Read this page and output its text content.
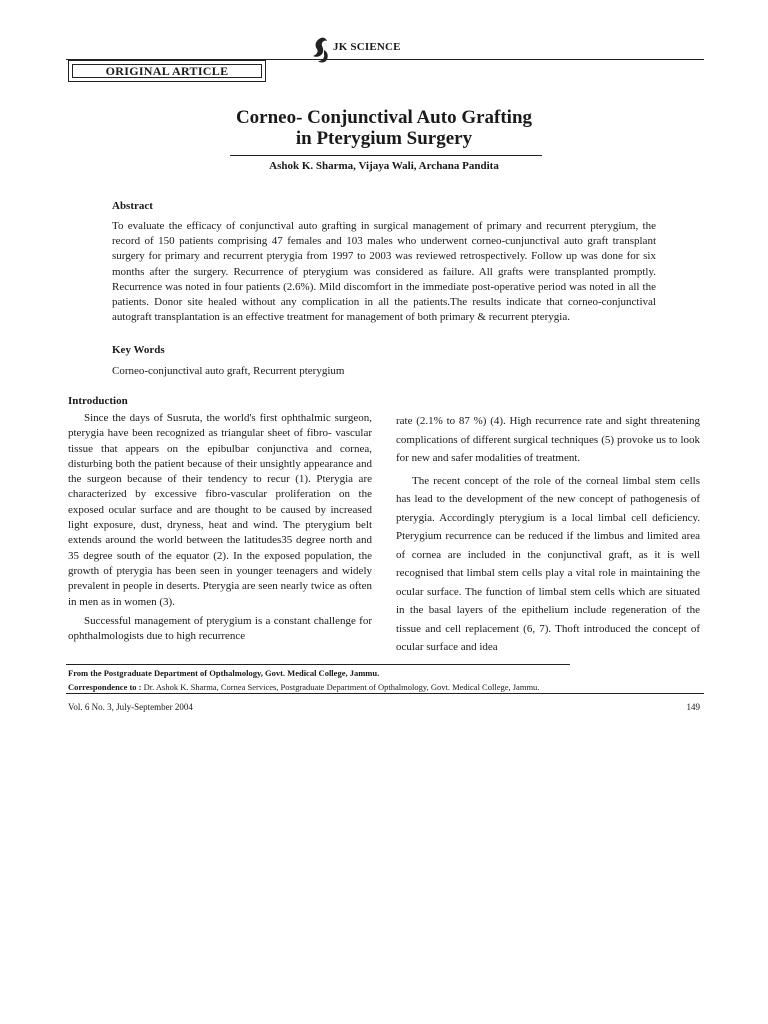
JK SCIENCE
ORIGINAL ARTICLE
Corneo- Conjunctival Auto Grafting
in Pterygium Surgery
Ashok K. Sharma, Vijaya Wali, Archana Pandita
Abstract
To evaluate the efficacy of conjunctival auto grafting in surgical management of primary and recurrent pterygium, the record of 150 patients comprising 47 females and 103 males who underwent corneo-cunjunctival auto graft transplant surgery for primary and recurrent pterygia from 1997 to 2003 was reviewed retrospectively. Follow up was done for six months after the surgery. Recurrence of pterygium was considered as failure. All grafts were transplanted promptly. Recurrence was noted in four patients (2.6%). Mild discomfort in the immediate post-operative period was noted in all the patients. Donor site healed without any complication in all the patients.The results indicate that corneo-conjunctival autograft transplantation is an effective treatment for management of both primary & recurrent pterygia.
Key Words
Corneo-conjunctival auto graft, Recurrent pterygium
Introduction

Since the days of Susruta, the world's first ophthalmic surgeon, pterygia have been recognized as triangular sheet of fibro- vascular tissue that appears on the epibulbar conjunctiva and cornea, disturbing both the patient because of their unsightly appearance and the surgeon because of their tendency to recur (1). Pterygia are characterized by excessive fibro-vascular proliferation on the exposed ocular surface and are thought to be caused by increased light exposure, dust, dryness, heat and wind. The pterygium belt extends around the world between the latitudes35 degree north and 35 degree south of the equator (2). In the exposed population, the growth of pterygia has been seen in younger teenagers and widely prevalent in people in deserts. Pterygia are seen nearly twice as often in men as in women (3).

Successful management of pterygium is a constant challenge for ophthalmologists due to high recurrence

rate (2.1% to 87 %) (4). High recurrence rate and sight threatening complications of different surgical techniques (5) provoke us to look for new and safer modalities of treatment.

The recent concept of the role of the corneal limbal stem cells has lead to the development of the new concept of pathogenesis of pterygia. Accordingly pterygium is a local limbal cell deficiency. Pterygium recurrence can be reduced if the limbus and limited area of cornea are included in the conjunctival graft, as it is well recognised that limbal stem cells play a vital role in maintaining the ocular surface. The function of limbal stem cells which are situated in the basal layers of the epithelium include regeneration of the tissue and cell replacement (6, 7). Thoft introduced the concept of ocular surface and idea

From the Postgraduate Department of Opthalmology, Govt. Medical College, Jammu.
Correspondence to : Dr. Ashok K. Sharma, Cornea Services, Postgraduate Department of Opthalmology, Govt. Medical College, Jammu.
Vol. 6 No. 3, July-September 2004	149
